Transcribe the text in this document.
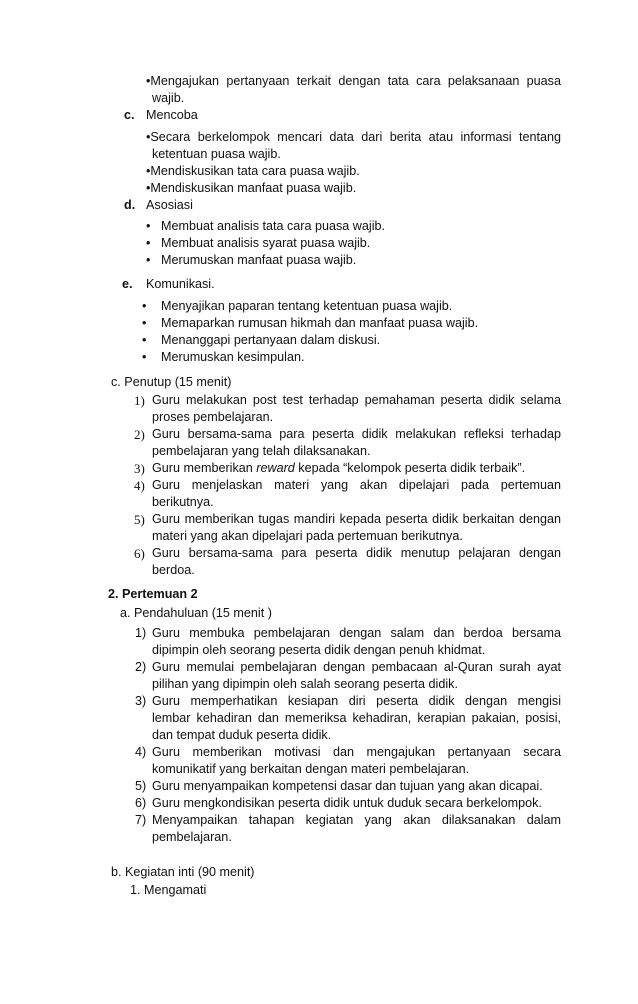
•Mengajukan pertanyaan terkait dengan tata cara pelaksanaan puasa
wajib.
c. Mencoba
•Secara berkelompok mencari data dari berita atau informasi tentang
ketentuan puasa wajib.
•Mendiskusikan tata cara puasa wajib.
•Mendiskusikan manfaat puasa wajib.
d. Asosiasi
• Membuat analisis tata cara puasa wajib.
• Membuat analisis syarat puasa wajib.
• Merumuskan manfaat puasa wajib.
e. Komunikasi.
• Menyajikan paparan tentang ketentuan puasa wajib.
• Memaparkan rumusan hikmah dan manfaat puasa wajib.
• Menanggapi pertanyaan dalam diskusi.
• Merumuskan kesimpulan.
c. Penutup (15 menit)
1) Guru melakukan post test terhadap pemahaman peserta didik selama
proses pembelajaran.
2) Guru bersama-sama para peserta didik melakukan refleksi terhadap
pembelajaran yang telah dilaksanakan.
3) Guru memberikan reward kepada “kelompok peserta didik terbaik”.
4) Guru menjelaskan materi yang akan dipelajari pada pertemuan
berikutnya.
5) Guru memberikan tugas mandiri kepada peserta didik berkaitan dengan
materi yang akan dipelajari pada pertemuan berikutnya.
6) Guru bersama-sama para peserta didik menutup pelajaran dengan
berdoa.
2. Pertemuan 2
a. Pendahuluan (15 menit )
1) Guru membuka pembelajaran dengan salam dan berdoa bersama
dipimpin oleh seorang peserta didik dengan penuh khidmat.
2) Guru memulai pembelajaran dengan pembacaan al-Quran surah ayat
pilihan yang dipimpin oleh salah seorang peserta didik.
3) Guru memperhatikan kesiapan diri peserta didik dengan mengisi
lembar kehadiran dan memeriksa kehadiran, kerapian pakaian, posisi,
dan tempat duduk peserta didik.
4) Guru memberikan motivasi dan mengajukan pertanyaan secara
komunikatif yang berkaitan dengan materi pembelajaran.
5) Guru menyampaikan kompetensi dasar dan tujuan yang akan dicapai.
6) Guru mengkondisikan peserta didik untuk duduk secara berkelompok.
7) Menyampaikan tahapan kegiatan yang akan dilaksanakan dalam
pembelajaran.
b. Kegiatan inti (90 menit)
1. Mengamati
